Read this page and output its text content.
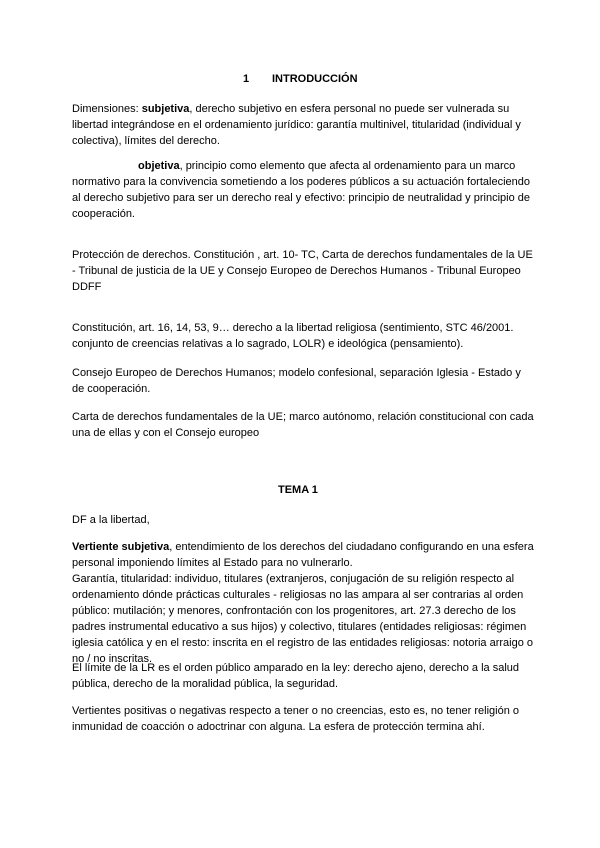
1 INTRODUCCIÓN

Dimensiones: subjetiva, derecho subjetivo en esfera personal no puede ser vulnerada su libertad integrándose en el ordenamiento jurídico: garantía multinivel, titularidad (individual y colectiva), límites del derecho.

objetiva, principio como elemento que afecta al ordenamiento para un marco normativo para la convivencia sometiendo a los poderes públicos a su actuación fortaleciendo al derecho subjetivo para ser un derecho real y efectivo: principio de neutralidad y principio de cooperación.

Protección de derechos. Constitución , art. 10- TC, Carta de derechos fundamentales de la UE - Tribunal de justicia de la UE y Consejo Europeo de Derechos Humanos - Tribunal Europeo DDFF

Constitución, art. 16, 14, 53, 9… derecho a la libertad religiosa (sentimiento, STC 46/2001. conjunto de creencias relativas a lo sagrado, LOLR) e ideológica (pensamiento).

Consejo Europeo de Derechos Humanos; modelo confesional, separación Iglesia - Estado y de cooperación.

Carta de derechos fundamentales de la UE; marco autónomo, relación constitucional con cada una de ellas y con el Consejo europeo

TEMA 1

DF a la libertad,

Vertiente subjetiva, entendimiento de los derechos del ciudadano configurando en una esfera personal imponiendo límites al Estado para no vulnerarlo.

Garantía, titularidad: individuo, titulares (extranjeros, conjugación de su religión respecto al ordenamiento dónde prácticas culturales - religiosas no las ampara al ser contrarias al orden público: mutilación; y menores, confrontación con los progenitores, art. 27.3 derecho de los padres instrumental educativo a sus hijos) y colectivo, titulares (entidades religiosas: régimen iglesia católica y en el resto: inscrita en el registro de las entidades religiosas: notoria arraigo o no / no inscritas.

El límite de la LR es el orden público amparado en la ley: derecho ajeno, derecho a la salud pública, derecho de la moralidad pública, la seguridad.

Vertientes positivas o negativas respecto a tener o no creencias, esto es, no tener religión o inmunidad de coacción o adoctrinar con alguna. La esfera de protección termina ahí.
